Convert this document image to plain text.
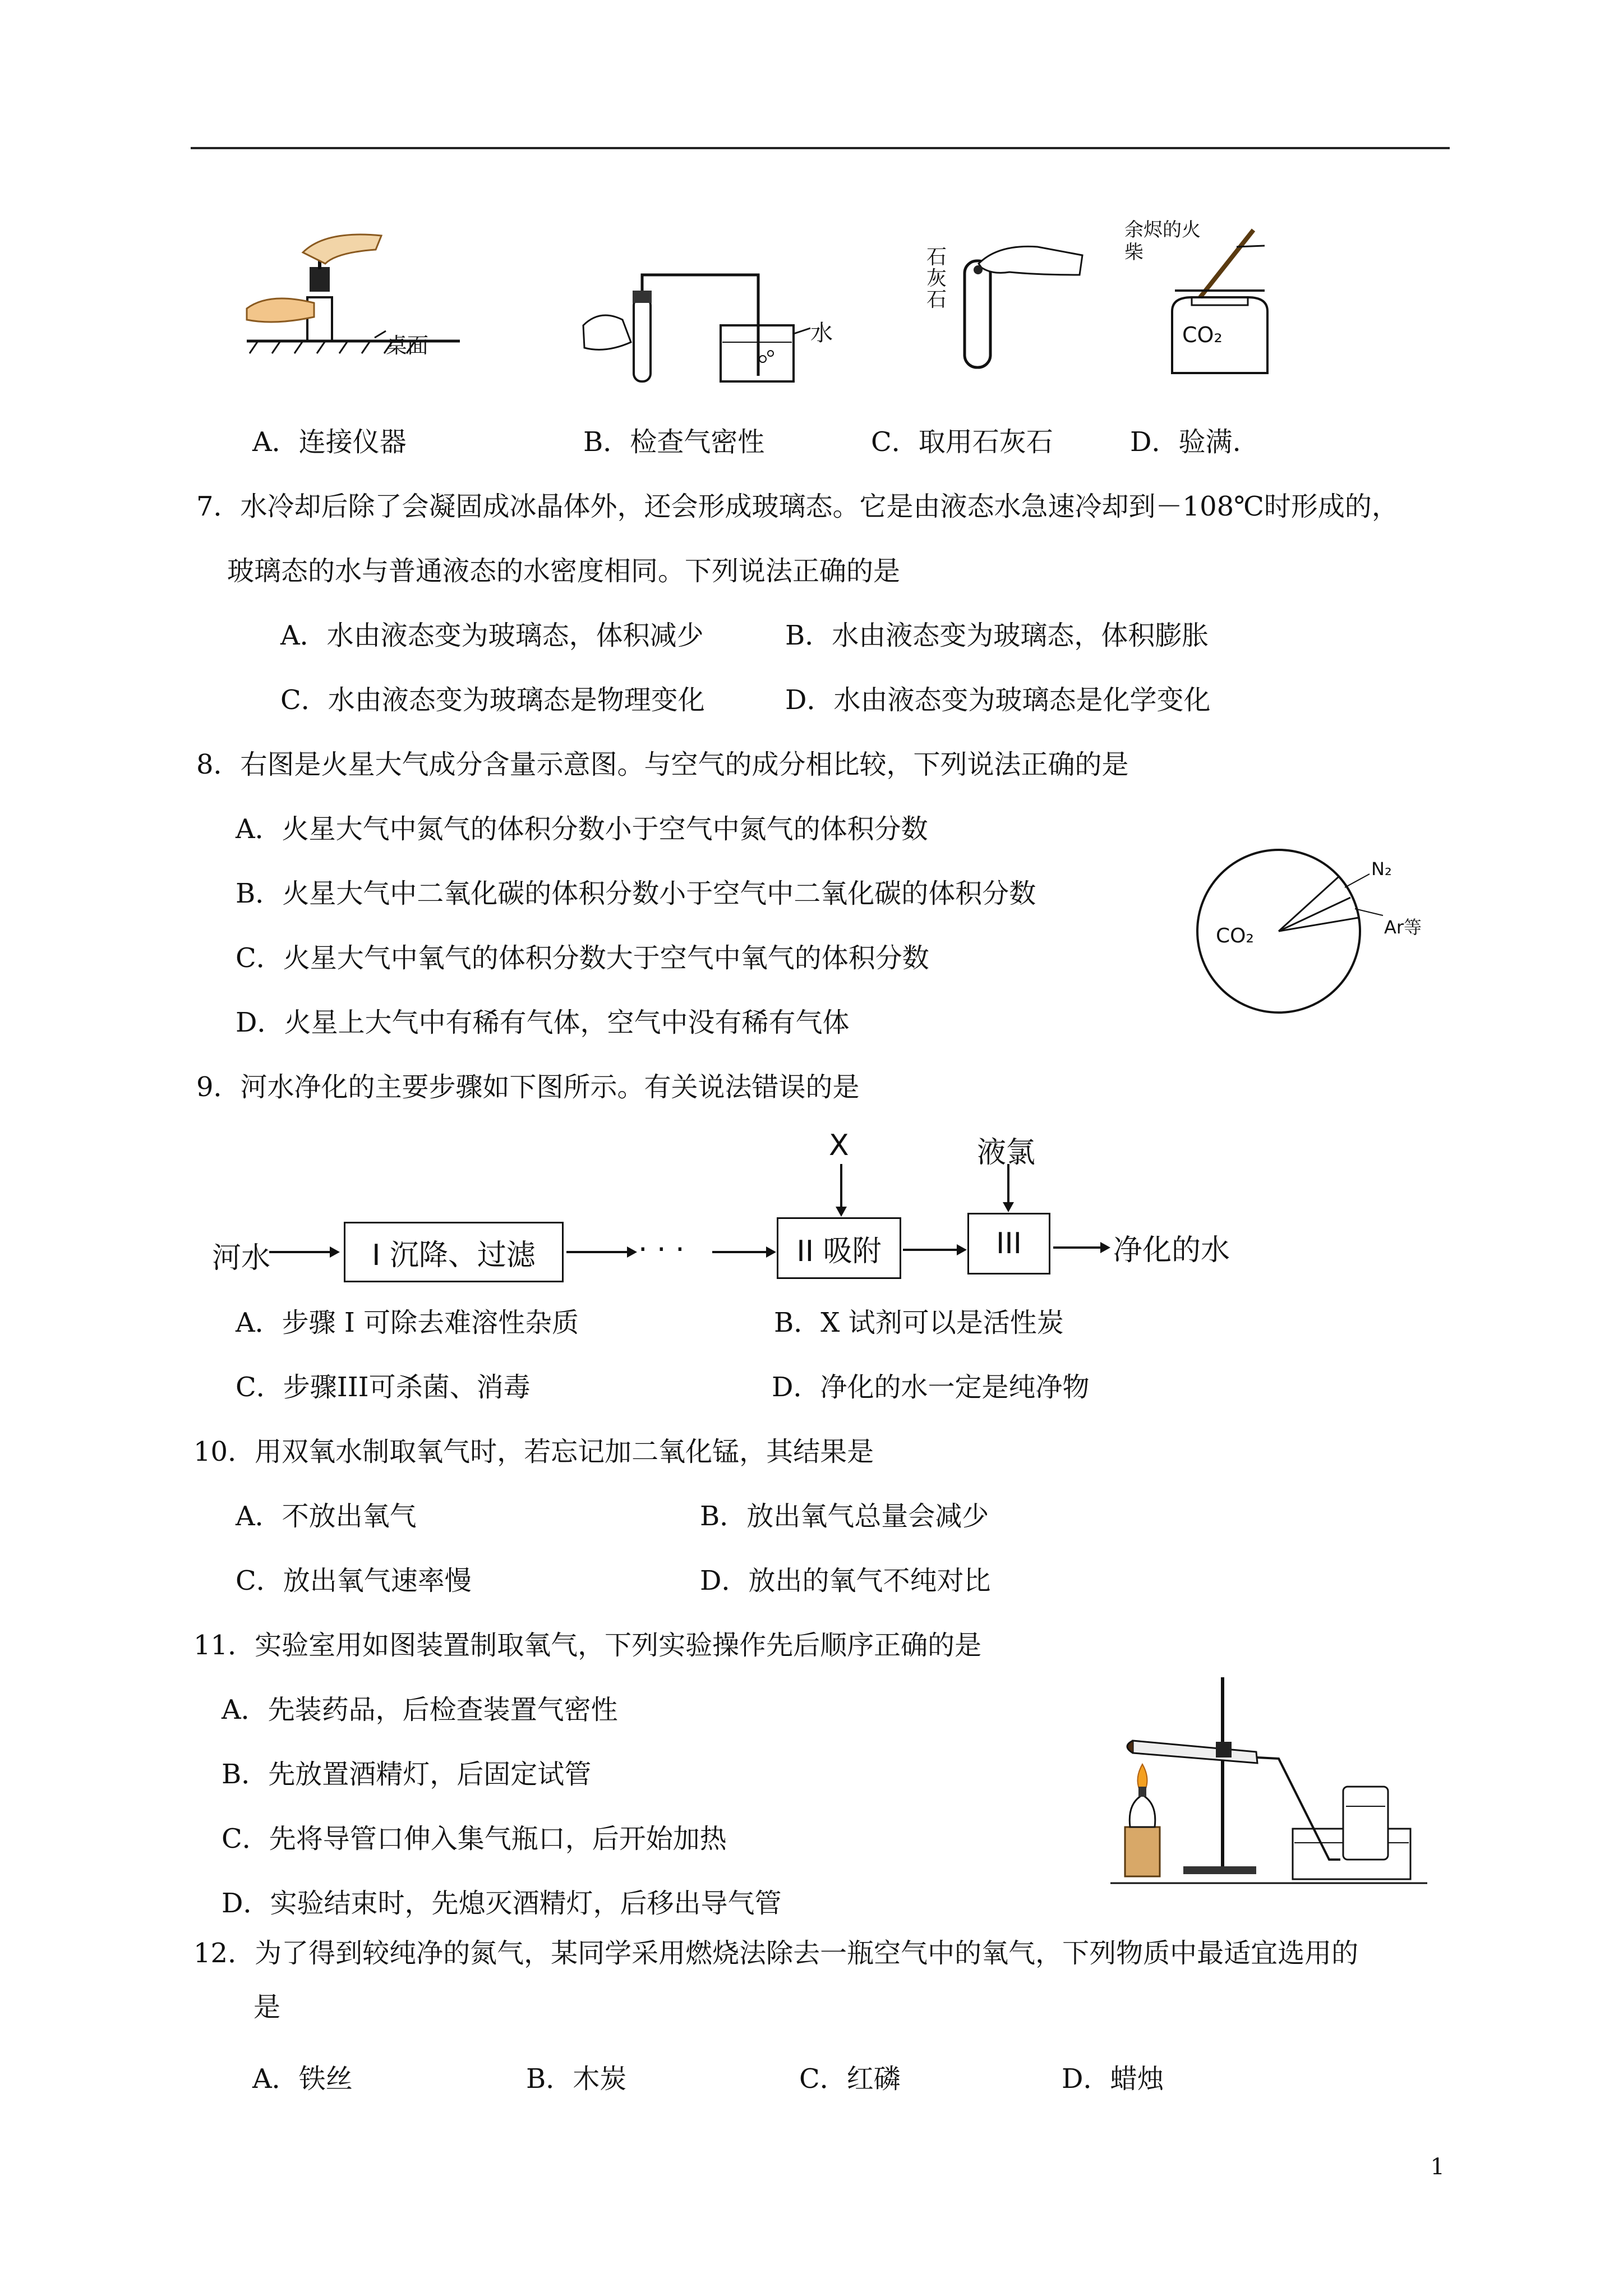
桌面	水
石灰石
余烬的火柴
CO₂
A．连接仪器	B．检查气密性	C．取用石灰石	D．验满.
7．水冷却后除了会凝固成冰晶体外，还会形成玻璃态。它是由液态水急速冷却到－108℃时形成的，
玻璃态的水与普通液态的水密度相同。下列说法正确的是
A．水由液态变为玻璃态，体积减少	B．水由液态变为玻璃态，体积膨胀
C．水由液态变为玻璃态是物理变化	D．水由液态变为玻璃态是化学变化
8．右图是火星大气成分含量示意图。与空气的成分相比较，下列说法正确的是
A．火星大气中氮气的体积分数小于空气中氮气的体积分数
B．火星大气中二氧化碳的体积分数小于空气中二氧化碳的体积分数
C．火星大气中氧气的体积分数大于空气中氧气的体积分数
D．火星上大气中有稀有气体，空气中没有稀有气体
CO₂
N₂
Ar等
9．河水净化的主要步骤如下图所示。有关说法错误的是
河水	I 沉降、过滤	· · ·	II 吸附	III	净化的水
X	液氯
A．步骤 I 可除去难溶性杂质	B．X 试剂可以是活性炭
C．步骤III可杀菌、消毒	D．净化的水一定是纯净物
10．用双氧水制取氧气时，若忘记加二氧化锰，其结果是
A．不放出氧气	B．放出氧气总量会减少
C．放出氧气速率慢	D．放出的氧气不纯对比
11．实验室用如图装置制取氧气，下列实验操作先后顺序正确的是
A．先装药品，后检查装置气密性
B．先放置酒精灯，后固定试管
C．先将导管口伸入集气瓶口，后开始加热
D．实验结束时，先熄灭酒精灯，后移出导气管
12．为了得到较纯净的氮气，某同学采用燃烧法除去一瓶空气中的氧气，下列物质中最适宜选用的
是
A．铁丝	B．木炭	C．红磷	D．蜡烛
1
